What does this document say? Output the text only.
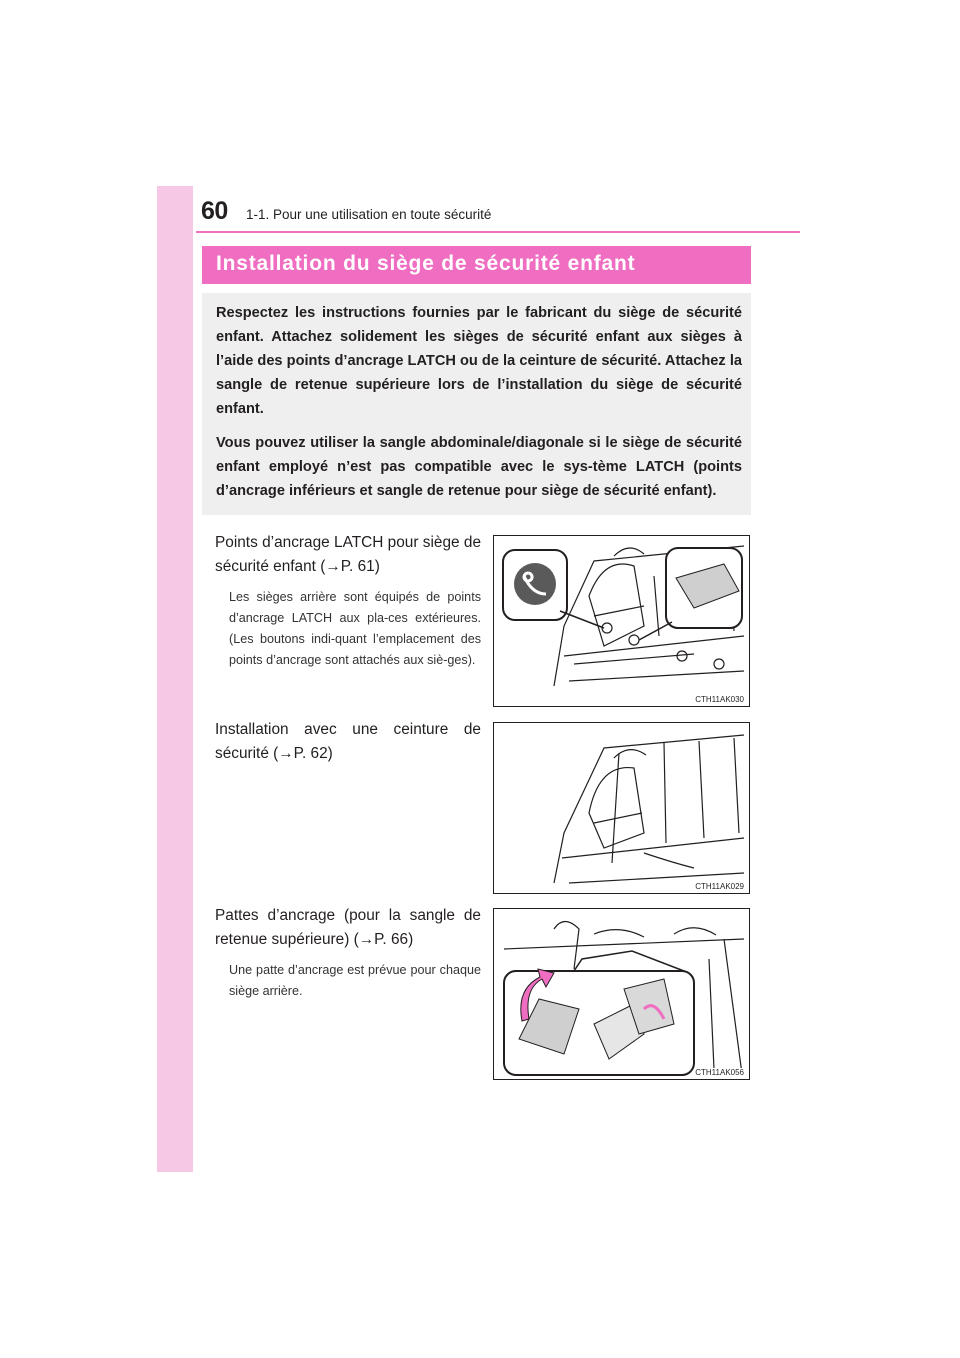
60 1-1. Pour une utilisation en toute sécurité
Installation du siège de sécurité enfant

Respectez les instructions fournies par le fabricant du siège de sécurité enfant. Attachez solidement les sièges de sécurité enfant aux sièges à l’aide des points d’ancrage LATCH ou de la ceinture de sécurité. Attachez la sangle de retenue supérieure lors de l’installation du siège de sécurité enfant.

Vous pouvez utiliser la sangle abdominale/diagonale si le siège de sécurité enfant employé n’est pas compatible avec le sys-tème LATCH (points d’ancrage inférieurs et sangle de retenue pour siège de sécurité enfant).

Points d’ancrage LATCH pour siège de sécurité enfant (→P. 61)

Les sièges arrière sont équipés de points d’ancrage LATCH aux pla-ces extérieures. (Les boutons indi-quant l’emplacement des points d’ancrage sont attachés aux siè-ges).

CTH11AK030

Installation avec une ceinture de sécurité (→P. 62)

CTH11AK029

Pattes d’ancrage (pour la sangle de retenue supérieure) (→P. 66)

Une patte d’ancrage est prévue pour chaque siège arrière.

CTH11AK056
